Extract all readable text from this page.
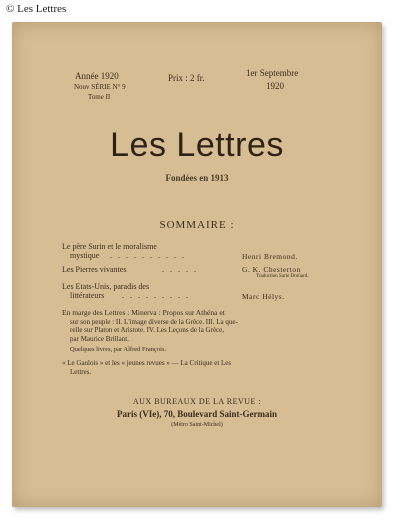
© Les Lettres
Année 1920
Nouv SÉRIE N° 9
Tome II
Prix : 2 fr.	1er Septembre
1920
Les Lettres
Fondées en 1913
SOMMAIRE :
Le père Surin et le moralisme
mystique . . . . . . . . . .	Henri Bremond.
Les Pierres vivantes	. . . . .	G. K. Chesterton
Traduction Sarie Droüard.
Les Etats-Unis, paradis des
littérateurs . . . . . . . . .	Marc Hélys.
En marge des Lettres : Minerva : Propos sur Athéna et
sur son peuple : II. L'image diverse de la Grèce. III. La que-
relle sur Platon et Aristote. IV. Les Leçons de la Grèce,
par Maurice Brillant.
Quelques livres, par Alfred François.
« Le Gaulois » et les « jeunes revues » — La Critique et Les
Lettres.
AUX BUREAUX DE LA REVUE :
Paris (VIe), 70, Boulevard Saint-Germain
(Métro Saint-Michel)
